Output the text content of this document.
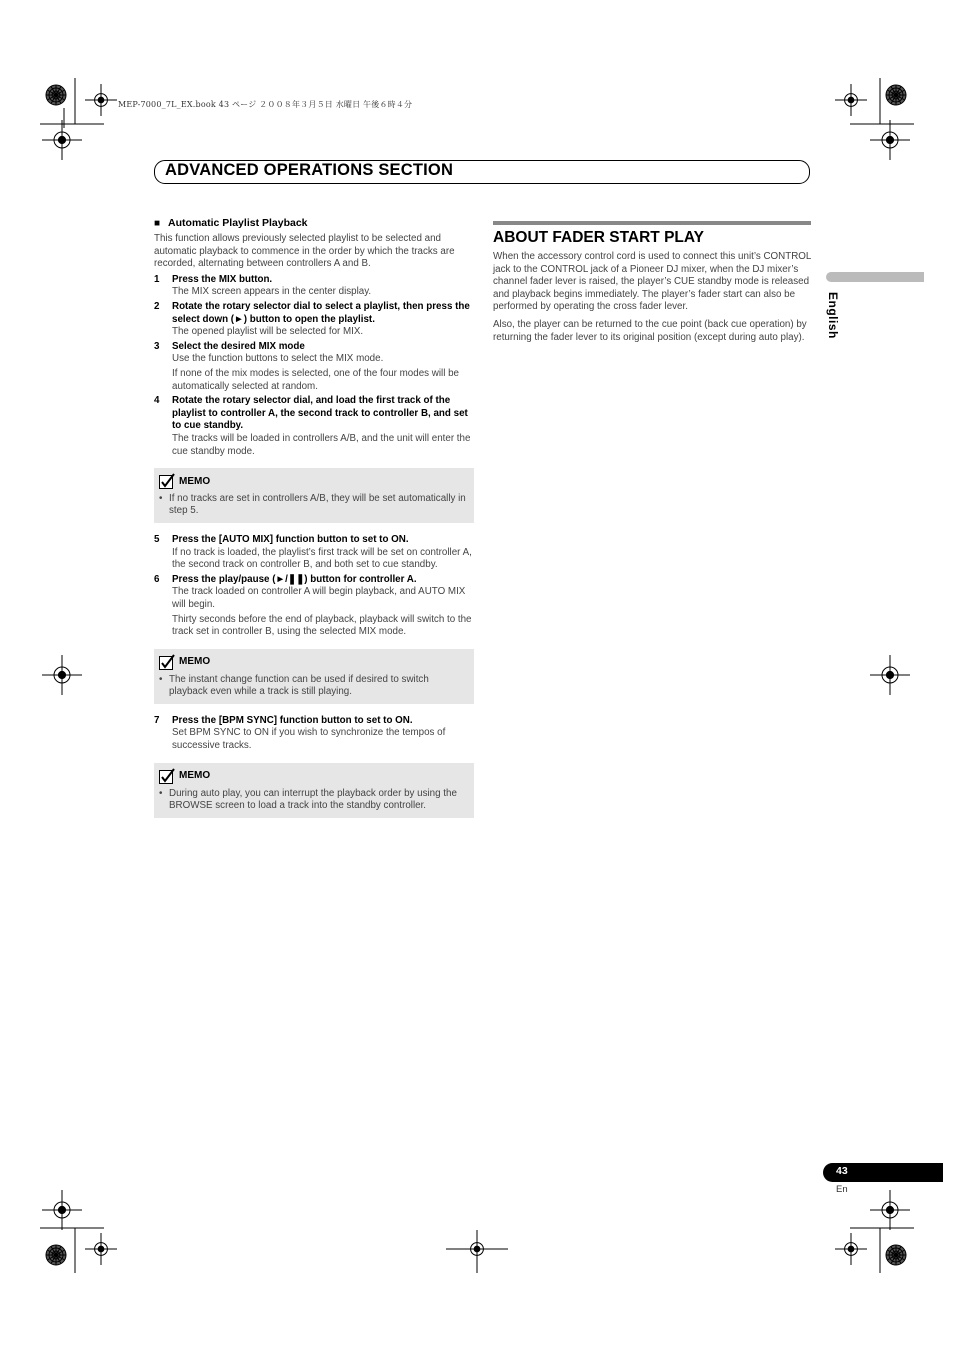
MEP-7000_7L_EX.book 43 ページ ２００８年３月５日 水曜日 午後６時４分
ADVANCED OPERATIONS SECTION
English
■ Automatic Playlist Playback

This function allows previously selected playlist to be selected and automatic playback to commence in the order by which the tracks are recorded, alternating between controllers A and B.

1 Press the MIX button.

The MIX screen appears in the center display.

2 Rotate the rotary selector dial to select a playlist, then press the select down (►) button to open the playlist.

The opened playlist will be selected for MIX.

3 Select the desired MIX mode

Use the function buttons to select the MIX mode.

If none of the mix modes is selected, one of the four modes will be automatically selected at random.

4 Rotate the rotary selector dial, and load the first track of the playlist to controller A, the second track to controller B, and set to cue standby.

The tracks will be loaded in controllers A/B, and the unit will enter the cue standby mode.

MEMO
• If no tracks are set in controllers A/B, they will be set automatically in step 5.
5 Press the [AUTO MIX] function button to set to ON.

If no track is loaded, the playlist’s first track will be set on controller A, the second track on controller B, and both set to cue standby.

6 Press the play/pause (►/❚❚) button for controller A.

The track loaded on controller A will begin playback, and AUTO MIX will begin.

Thirty seconds before the end of playback, playback will switch to the track set in controller B, using the selected MIX mode.

MEMO
• The instant change function can be used if desired to switch playback even while a track is still playing.
7 Press the [BPM SYNC] function button to set to ON.

Set BPM SYNC to ON if you wish to synchronize the tempos of successive tracks.

MEMO
• During auto play, you can interrupt the playback order by using the BROWSE screen to load a track into the standby controller.
ABOUT FADER START PLAY

When the accessory control cord is used to connect this unit’s CONTROL jack to the CONTROL jack of a Pioneer DJ mixer, when the DJ mixer’s channel fader lever is raised, the player’s CUE standby mode is released and playback begins immediately. The player’s fader start can also be performed by operating the cross fader lever.

Also, the player can be returned to the cue point (back cue operation) by returning the fader lever to its original position (except during auto play).

43
En
